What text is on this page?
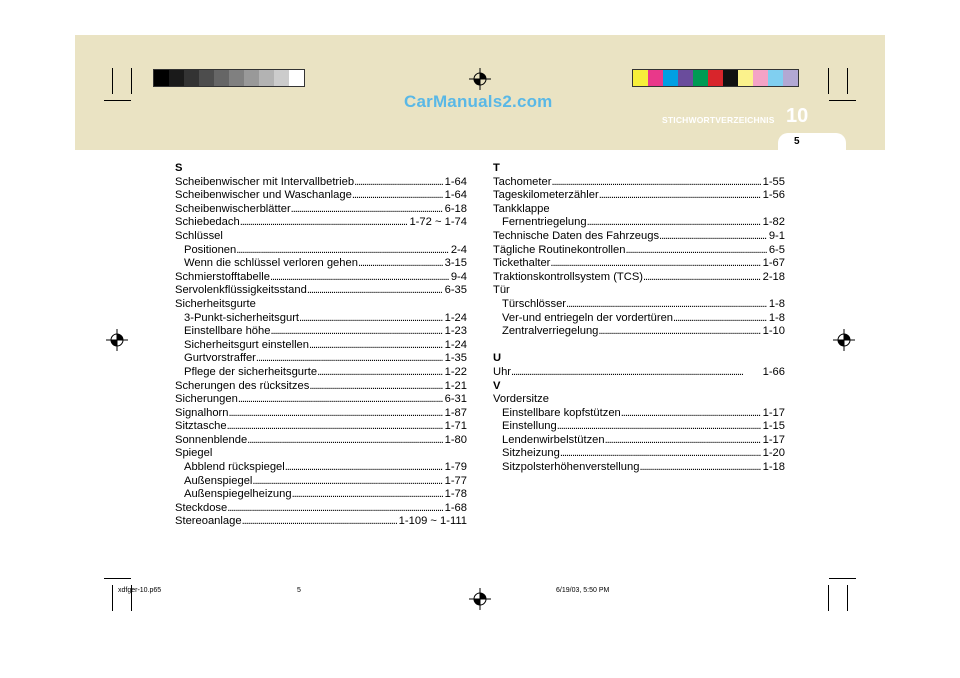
CarManuals2.com
STICHWORTVERZEICHNIS 10
5
S
Scheibenwischer mit Intervallbetrieb . . .	1-64
Scheibenwischer und Waschanlage . . .	1-64
Scheibenwischerblätter . . .	6-18
Schiebedach . . .	1-72 ~ 1-74
Schlüssel
Positionen . . .	2-4
Wenn die schlüssel verloren gehen . . .	3-15
Schmierstofftabelle . . .	9-4
Servolenkflüssigkeitsstand . . .	6-35
Sicherheitsgurte
3-Punkt-sicherheitsgurt . . .	1-24
Einstellbare höhe . . .	1-23
Sicherheitsgurt einstellen . . .	1-24
Gurtvorstraffer . . .	1-35
Pflege der sicherheitsgurte . . .	1-22
Scherungen des rücksitzes . . .	1-21
Sicherungen . . .	6-31
Signalhorn . . .	1-87
Sitztasche . . .	1-71
Sonnenblende . . .	1-80
Spiegel
Abblend rückspiegel . . .	1-79
Außenspiegel . . .	1-77
Außenspiegelheizung . . .	1-78
Steckdose . . .	1-68
Stereoanlage . . .	1-109 ~ 1-111
T
Tachometer . . .	1-55
Tageskilometerzähler . . .	1-56
Tankklappe
Fernentriegelung . . .	1-82
Technische Daten des Fahrzeugs . . .	9-1
Tägliche Routinekontrollen . . .	6-5
Tickethalter . . .	1-67
Traktionskontrollsystem (TCS) . . .	2-18
Tür
Türschlösser . . .	1-8
Ver-und entriegeln der vordertüren . . .	1-8
Zentralverriegelung . . .	1-10
U
Uhr . . .	1-66
V
Vordersitze
Einstellbare kopfstützen . . .	1-17
Einstellung . . .	1-15
Lendenwirbelstützen . . .	1-17
Sitzheizung . . .	1-20
Sitzpolsterhöhenverstellung . . .	1-18
xdfger-10.p65	5	6/19/03, 5:50 PM
